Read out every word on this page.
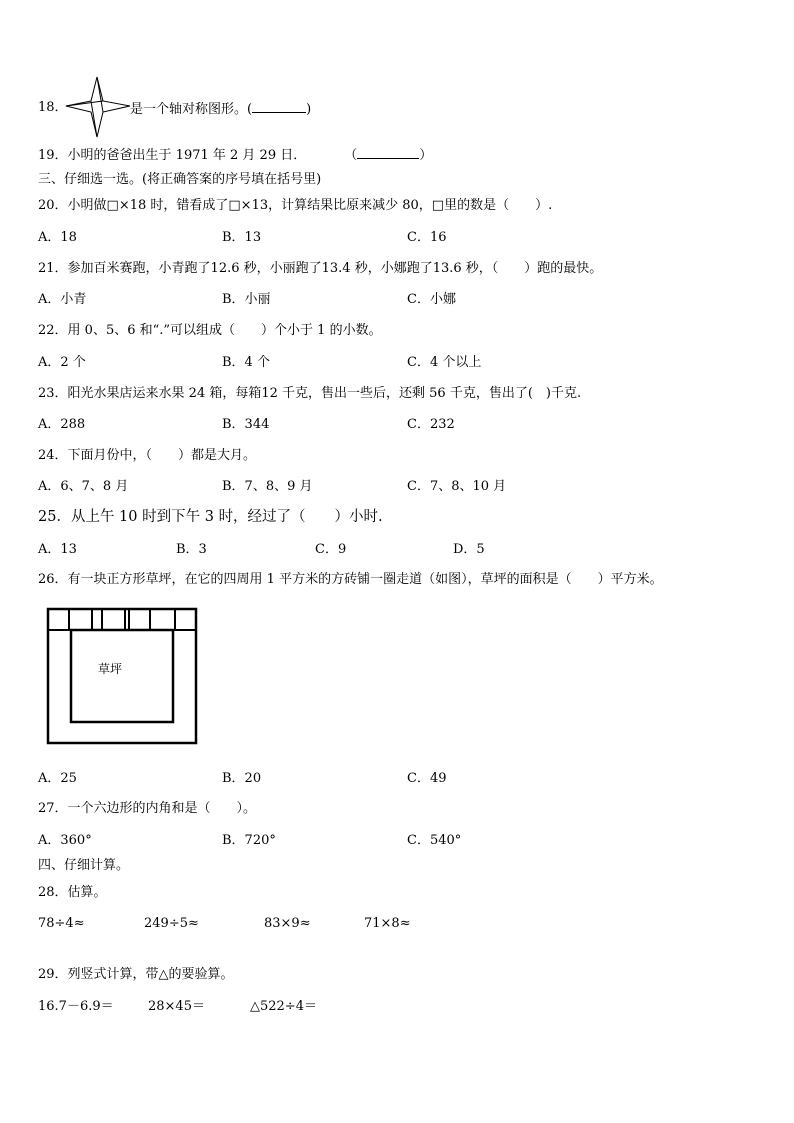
18．	是一个轴对称图形。(	)
19．小明的爸爸出生于 1971 年 2 月 29 日．	（	）
三、仔细选一选。(将正确答案的序号填在括号里)
20．小明做□×18 时，错看成了□×13，计算结果比原来减少 80，□里的数是（　　）.
A．18	B．13	C．16
21．参加百米赛跑，小青跑了12.6 秒，小丽跑了13.4 秒，小娜跑了13.6 秒，（　　）跑的最快。
A．小青	B．小丽	C．小娜
22．用 0、5、6 和“.”可以组成（　　）个小于 1 的小数。
A．2 个	B．4 个	C．4 个以上
23．阳光水果店运来水果 24 箱，每箱12 千克，售出一些后，还剩 56 千克，售出了(　)千克.
A．288	B．344	C．232
24．下面月份中，（　　）都是大月。
A．6、7、8 月	B．7、8、9 月	C．7、8、10 月
25．从上午 10 时到下午 3 时，经过了（　　）小时.
A．13	B．3	C．9	D．5
26．有一块正方形草坪，在它的四周用 1 平方米的方砖铺一圈走道（如图），草坪的面积是（　　）平方米。
草坪
A．25	B．20	C．49
27．一个六边形的内角和是（　　）。
A．360°	B．720°	C．540°
四、仔细计算。
28．估算。
78÷4≈	249÷5≈	83×9≈	71×8≈
29．列竖式计算，带△的要验算。
16.7－6.9＝	28×45＝	△522÷4＝
